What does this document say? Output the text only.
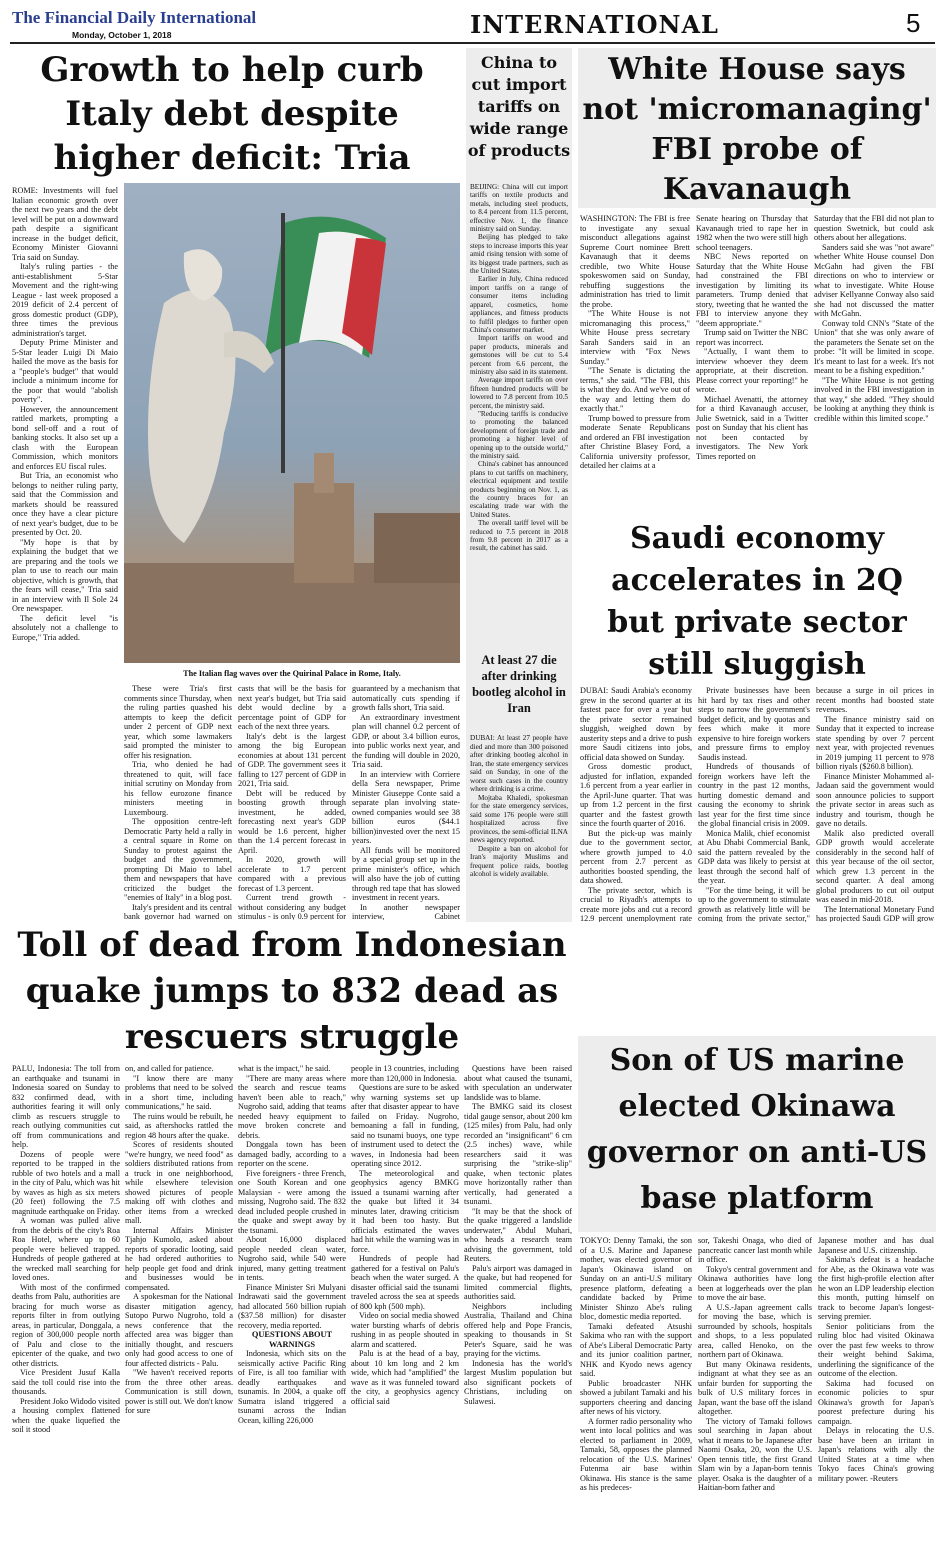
The Financial Daily International
Monday, October 1, 2018	INTERNATIONAL	5
Growth to help curb Italy debt despite higher deficit: Tria
The Italian flag waves over the Quirinal Palace in Rome, Italy.

ROME: Investments will fuel Italian economic growth over the next two years and the debt level will be put on a downward path despite a significant increase in the budget deficit, Economy Minister Giovanni Tria said on Sunday.

Italy's ruling parties - the anti-establishment 5-Star Movement and the right-wing League - last week proposed a 2019 deficit of 2.4 percent of gross domestic product (GDP), three times the previous administration's target.

Deputy Prime Minister and 5-Star leader Luigi Di Maio hailed the move as the basis for a "people's budget" that would include a minimum income for the poor that would "abolish poverty".

However, the announcement rattled markets, prompting a bond sell-off and a rout of banking stocks. It also set up a clash with the European Commission, which monitors and enforces EU fiscal rules.

But Tria, an economist who belongs to neither ruling party, said that the Commission and markets should be reassured once they have a clear picture of next year's budget, due to be presented by Oct. 20.

"My hope is that by explaining the budget that we are preparing and the tools we plan to use to reach our main objective, which is growth, that the fears will cease," Tria said in an interview with Il Sole 24 Ore newspaper.

The deficit level "is absolutely not a challenge to Europe," Tria added.

These were Tria's first comments since Thursday, when the ruling parties quashed his attempts to keep the deficit under 2 percent of GDP next year, which some lawmakers said prompted the minister to offer his resignation.

Tria, who denied he had threatened to quit, will face initial scrutiny on Monday from his fellow eurozone finance ministers meeting in Luxembourg.

The opposition centre-left Democratic Party held a rally in a central square in Rome on Sunday to protest against the budget and the government, prompting Di Maio to label them and newspapers that have criticized the budget the "enemies of Italy" in a blog post.

Italy's president and its central bank governor had warned on

casts that will be the basis for next year's budget, but Tria said debt would decline by a percentage point of GDP for each of the next three years.

Italy's debt is the largest among the big European economies at about 131 percent of GDP. The government sees it falling to 127 percent of GDP in 2021, Tria said.

Debt will be reduced by boosting growth through investment, he added, forecasting next year's GDP would be 1.6 percent, higher than the 1.4 percent forecast in April.

In 2020, growth will accelerate to 1.7 percent compared with a previous forecast of 1.3 percent.

Current trend growth - without considering any budget stimulus - is only 0.9 percent for

guaranteed by a mechanism that automatically cuts spending if growth falls short, Tria said.

An extraordinary investment plan will channel 0.2 percent of GDP, or about 3.4 billion euros, into public works next year, and the funding will double in 2020, Tria said.

In an interview with Corriere della Sera newspaper, Prime Minister Giuseppe Conte said a separate plan involving state-owned companies would see 38 billion euros ($44.1 billion)invested over the next 15 years.

All funds will be monitored by a special group set up in the prime minister's office, which will also have the job of cutting through red tape that has slowed investment in recent years.

In another newspaper interview, Cabinet

China to cut import tariffs on wide range of products

BEIJING: China will cut import tariffs on textile products and metals, including steel products, to 8.4 percent from 11.5 percent, effective Nov. 1, the finance ministry said on Sunday.

Beijing has pledged to take steps to increase imports this year amid rising tension with some of its biggest trade partners, such as the United States.

Earlier in July, China reduced import tariffs on a range of consumer items including apparel, cosmetics, home appliances, and fitness products to fulfil pledges to further open China's consumer market.

Import tariffs on wood and paper products, minerals and gemstones will be cut to 5.4 percent from 6.6 percent, the ministry also said in its statement.

Average import tariffs on over fifteen hundred products will be lowered to 7.8 percent from 10.5 percent, the ministry said.

"Reducing tariffs is conducive to promoting the balanced development of foreign trade and promoting a higher level of opening up to the outside world," the ministry said.

China's cabinet has announced plans to cut tariffs on machinery, electrical equipment and textile products beginning on Nov. 1, as the country braces for an escalating trade war with the United States.

The overall tariff level will be reduced to 7.5 percent in 2018 from 9.8 percent in 2017 as a result, the cabinet has said.

At least 27 die after drinking bootleg alcohol in Iran

DUBAI: At least 27 people have died and more than 300 poisoned after drinking bootleg alcohol in Iran, the state emergency services said on Sunday, in one of the worst such cases in the country where drinking is a crime.

Mojtaba Khaledi, spokesman for the state emergency services, said some 176 people were still hospitalized across five provinces, the semi-official ILNA news agency reported.

Despite a ban on alcohol for Iran's majority Muslims and frequent police raids, bootleg alcohol is widely available.

White House says not 'micromanaging' FBI probe of Kavanaugh

WASHINGTON: The FBI is free to investigate any sexual misconduct allegations against Supreme Court nominee Brett Kavanaugh that it deems credible, two White House spokeswomen said on Sunday, rebuffing suggestions the administration has tried to limit the probe.

"The White House is not micromanaging this process," White House press secretary Sarah Sanders said in an interview with "Fox News Sunday."

"The Senate is dictating the terms," she said. "The FBI, this is what they do. And we've out of the way and letting them do exactly that."

Trump bowed to pressure from moderate Senate Republicans and ordered an FBI investigation after Christine Blasey Ford, a California university professor, detailed her claims at a

Senate hearing on Thursday that Kavanaugh tried to rape her in 1982 when the two were still high school teenagers.

NBC News reported on Saturday that the White House had constrained the FBI investigation by limiting its parameters. Trump denied that story, tweeting that he wanted the FBI to interview anyone they "deem appropriate."

Trump said on Twitter the NBC report was incorrect.

"Actually, I want them to interview whoever they deem appropriate, at their discretion. Please correct your reporting!" he wrote.

Michael Avenatti, the attorney for a third Kavanaugh accuser, Julie Swetnick, said in a Twitter post on Sunday that his client has not been contacted by investigators. The New York Times reported on

Saturday that the FBI did not plan to question Swetnick, but could ask others about her allegations.

Sanders said she was "not aware" whether White House counsel Don McGahn had given the FBI directions on who to interview or what to investigate. White House adviser Kellyanne Conway also said she had not discussed the matter with McGahn.

Conway told CNN's "State of the Union" that she was only aware of the parameters the Senate set on the probe: "It will be limited in scope. It's meant to last for a week. It's not meant to be a fishing expedition."

"The White House is not getting involved in the FBI investigation in that way," she added. "They should be looking at anything they think is credible within this limited scope."

Saudi economy accelerates in 2Q but private sector still sluggish

DUBAI: Saudi Arabia's economy grew in the second quarter at its fastest pace for over a year but the private sector remained sluggish, weighed down by austerity steps and a drive to push more Saudi citizens into jobs, official data showed on Sunday.

Gross domestic product, adjusted for inflation, expanded 1.6 percent from a year earlier in the April-June quarter. That was up from 1.2 percent in the first quarter and the fastest growth since the fourth quarter of 2016.

But the pick-up was mainly due to the government sector, where growth jumped to 4.0 percent from 2.7 percent as authorities boosted spending, the data showed.

The private sector, which is crucial to Riyadh's attempts to create more jobs and cut a record 12.9 percent unemployment rate

Private businesses have been hit hard by tax rises and other steps to narrow the government's budget deficit, and by quotas and fees which make it more expensive to hire foreign workers and pressure firms to employ Saudis instead.

Hundreds of thousands of foreign workers have left the country in the past 12 months, hurting domestic demand and causing the economy to shrink last year for the first time since the global financial crisis in 2009.

Monica Malik, chief economist at Abu Dhabi Commercial Bank, said the pattern revealed by the GDP data was likely to persist at least through the second half of the year.

"For the time being, it will be up to the government to stimulate growth as relatively little will be coming from the private sector,"

because a surge in oil prices in recent months had boosted state revenues.

The finance ministry said on Sunday that it expected to increase state spending by over 7 percent next year, with projected revenues in 2019 jumping 11 percent to 978 billion riyals ($260.8 billion).

Finance Minister Mohammed al-Jadaan said the government would soon announce policies to support the private sector in areas such as industry and tourism, though he gave no details.

Malik also predicted overall GDP growth would accelerate considerably in the second half of this year because of the oil sector, which grew 1.3 percent in the second quarter. A deal among global producers to cut oil output was eased in mid-2018.

The International Monetary Fund has projected Saudi GDP will grow

Toll of dead from Indonesian quake jumps to 832 dead as rescuers struggle

PALU, Indonesia: The toll from an earthquake and tsunami in Indonesia soared on Sunday to 832 confirmed dead, with authorities fearing it will only climb as rescuers struggle to reach outlying communities cut off from communications and help.

Dozens of people were reported to be trapped in the rubble of two hotels and a mall in the city of Palu, which was hit by waves as high as six meters (20 feet) following the 7.5 magnitude earthquake on Friday.

A woman was pulled alive from the debris of the city's Roa Roa Hotel, where up to 60 people were believed trapped. Hundreds of people gathered at the wrecked mall searching for loved ones.

With most of the confirmed deaths from Palu, authorities are bracing for much worse as reports filter in from outlying areas, in particular, Donggala, a region of 300,000 people north of Palu and close to the epicenter of the quake, and two other districts.

Vice President Jusuf Kalla said the toll could rise into the thousands.

President Joko Widodo visited a housing complex flattened when the quake liquefied the soil it stood

on, and called for patience.

"I know there are many problems that need to be solved in a short time, including communications," he said.

The ruins would be rebuilt, he said, as aftershocks rattled the region 48 hours after the quake.

Scores of residents shouted "we're hungry, we need food" as soldiers distributed rations from a truck in one neighborhood, while elsewhere television showed pictures of people making off with clothes and other items from a wrecked mall.

Internal Affairs Minister Tjahjo Kumolo, asked about reports of sporadic looting, said he had ordered authorities to help people get food and drink and businesses would be compensated.

A spokesman for the National disaster mitigation agency, Sutopo Purwo Nugroho, told a news conference that the affected area was bigger than initially thought, and rescuers only had good access to one of four affected districts - Palu.

"We haven't received reports from the three other areas. Communication is still down, power is still out. We don't know for sure

what is the impact," he said.

"There are many areas where the search and rescue teams haven't been able to reach," Nugroho said, adding that teams needed heavy equipment to move broken concrete and debris.

Donggala town has been damaged badly, according to a reporter on the scene.

Five foreigners - three French, one South Korean and one Malaysian - were among the missing, Nugroho said. The 832 dead included people crushed in the quake and swept away by the tsunami.

About 16,000 displaced people needed clean water, Nugroho said, while 540 were injured, many getting treatment in tents.

Finance Minister Sri Mulyani Indrawati said the government had allocated 560 billion rupiah ($37.58 million) for disaster recovery, media reported.

QUESTIONS ABOUT WARNINGS

Indonesia, which sits on the seismically active Pacific Ring of Fire, is all too familiar with deadly earthquakes and tsunamis. In 2004, a quake off Sumatra island triggered a tsunami across the Indian Ocean, killing 226,000

people in 13 countries, including more than 120,000 in Indonesia.

Questions are sure to be asked why warning systems set up after that disaster appear to have failed on Friday. Nugroho, bemoaning a fall in funding, said no tsunami buoys, one type of instrument used to detect the waves, in Indonesia had been operating since 2012.

The meteorological and geophysics agency BMKG issued a tsunami warning after the quake but lifted it 34 minutes later, drawing criticism it had been too hasty. But officials estimated the waves had hit while the warning was in force.

Hundreds of people had gathered for a festival on Palu's beach when the water surged. A disaster official said the tsunami traveled across the sea at speeds of 800 kph (500 mph).

Video on social media showed water bursting wharfs of debris rushing in as people shouted in alarm and scattered.

Palu is at the head of a bay, about 10 km long and 2 km wide, which had "amplified" the wave as it was funneled toward the city, a geophysics agency official said

Questions have been raised about what caused the tsunami, with speculation an underwater landslide was to blame.

The BMKG said its closest tidal gauge sensor, about 200 km (125 miles) from Palu, had only recorded an "insignificant" 6 cm (2.5 inches) wave, while researchers said it was surprising the "strike-slip" quake, when tectonic plates move horizontally rather than vertically, had generated a tsunami.

"It may be that the shock of the quake triggered a landslide underwater," Abdul Muhari, who heads a research team advising the government, told Reuters.

Palu's airport was damaged in the quake, but had reopened for limited commercial flights, authorities said.

Neighbors including Australia, Thailand and China offered help and Pope Francis, speaking to thousands in St Peter's Square, said he was praying for the victims.

Indonesia has the world's largest Muslim population but also significant pockets of Christians, including on Sulawesi.

Son of US marine elected Okinawa governor on anti-US base platform

TOKYO: Denny Tamaki, the son of a U.S. Marine and Japanese mother, was elected governor of Japan's Okinawa island on Sunday on an anti-U.S military presence platform, defeating a candidate backed by Prime Minister Shinzo Abe's ruling bloc, domestic media reported.

Tamaki defeated Atsushi Sakima who ran with the support of Abe's Liberal Democratic Party and its junior coalition partner, NHK and Kyodo news agency said.

Public broadcaster NHK showed a jubilant Tamaki and his supporters cheering and dancing after news of his victory.

A former radio personality who went into local politics and was elected to parliament in 2009, Tamaki, 58, opposes the planned relocation of the U.S. Marines' Futenma air base within Okinawa. His stance is the same as his predeces-

sor, Takeshi Onaga, who died of pancreatic cancer last month while in office.

Tokyo's central government and Okinawa authorities have long been at loggerheads over the plan to move the air base.

A U.S.-Japan agreement calls for moving the base, which is surrounded by schools, hospitals and shops, to a less populated area, called Henoko, on the northern part of Okinawa.

But many Okinawa residents, indignant at what they see as an unfair burden for supporting the bulk of U.S military forces in Japan, want the base off the island altogether.

The victory of Tamaki follows soul searching in Japan about what it means to be Japanese after Naomi Osaka, 20, won the U.S. Open tennis title, the first Grand Slam win by a Japan-born tennis player. Osaka is the daughter of a Haitian-born father and

Japanese mother and has dual Japanese and U.S. citizenship.

Sakima's defeat is a headache for Abe, as the Okinawa vote was the first high-profile election after he won an LDP leadership election this month, putting himself on track to become Japan's longest-serving premier.

Senior politicians from the ruling bloc had visited Okinawa over the past few weeks to throw their weight behind Sakima, underlining the significance of the outcome of the election.

Sakima had focused on economic policies to spur Okinawa's growth for Japan's poorest prefecture during his campaign.

Delays in relocating the U.S. base have been an irritant in Japan's relations with ally the United States at a time when Tokyo faces China's growing military power. -Reuters
